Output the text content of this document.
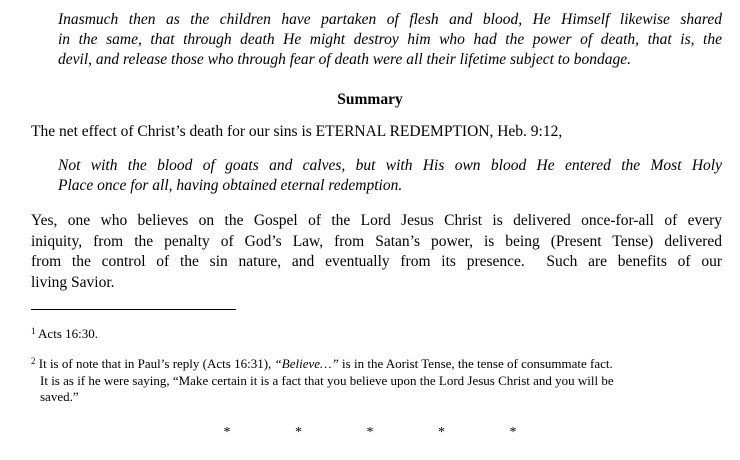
Inasmuch then as the children have partaken of flesh and blood, He Himself likewise shared
in the same, that through death He might destroy him who had the power of death, that is, the
devil, and release those who through fear of death were all their lifetime subject to bondage.
Summary
The net effect of Christ’s death for our sins is ETERNAL REDEMPTION, Heb. 9:12,
Not with the blood of goats and calves, but with His own blood He entered the Most Holy
Place once for all, having obtained eternal redemption.
Yes, one who believes on the Gospel of the Lord Jesus Christ is delivered once-for-all of every
iniquity, from the penalty of God’s Law, from Satan’s power, is being (Present Tense) delivered
from the control of the sin nature, and eventually from its presence.  Such are benefits of our
living Savior.
$^1$ Acts 16:30.
$^2$ It is of note that in Paul’s reply (Acts 16:31), “Believe…” is in the Aorist Tense, the tense of consummate fact.
It is as if he were saying, “Make certain it is a fact that you believe upon the Lord Jesus Christ and you will be
saved.”
*   *   *   *   *
